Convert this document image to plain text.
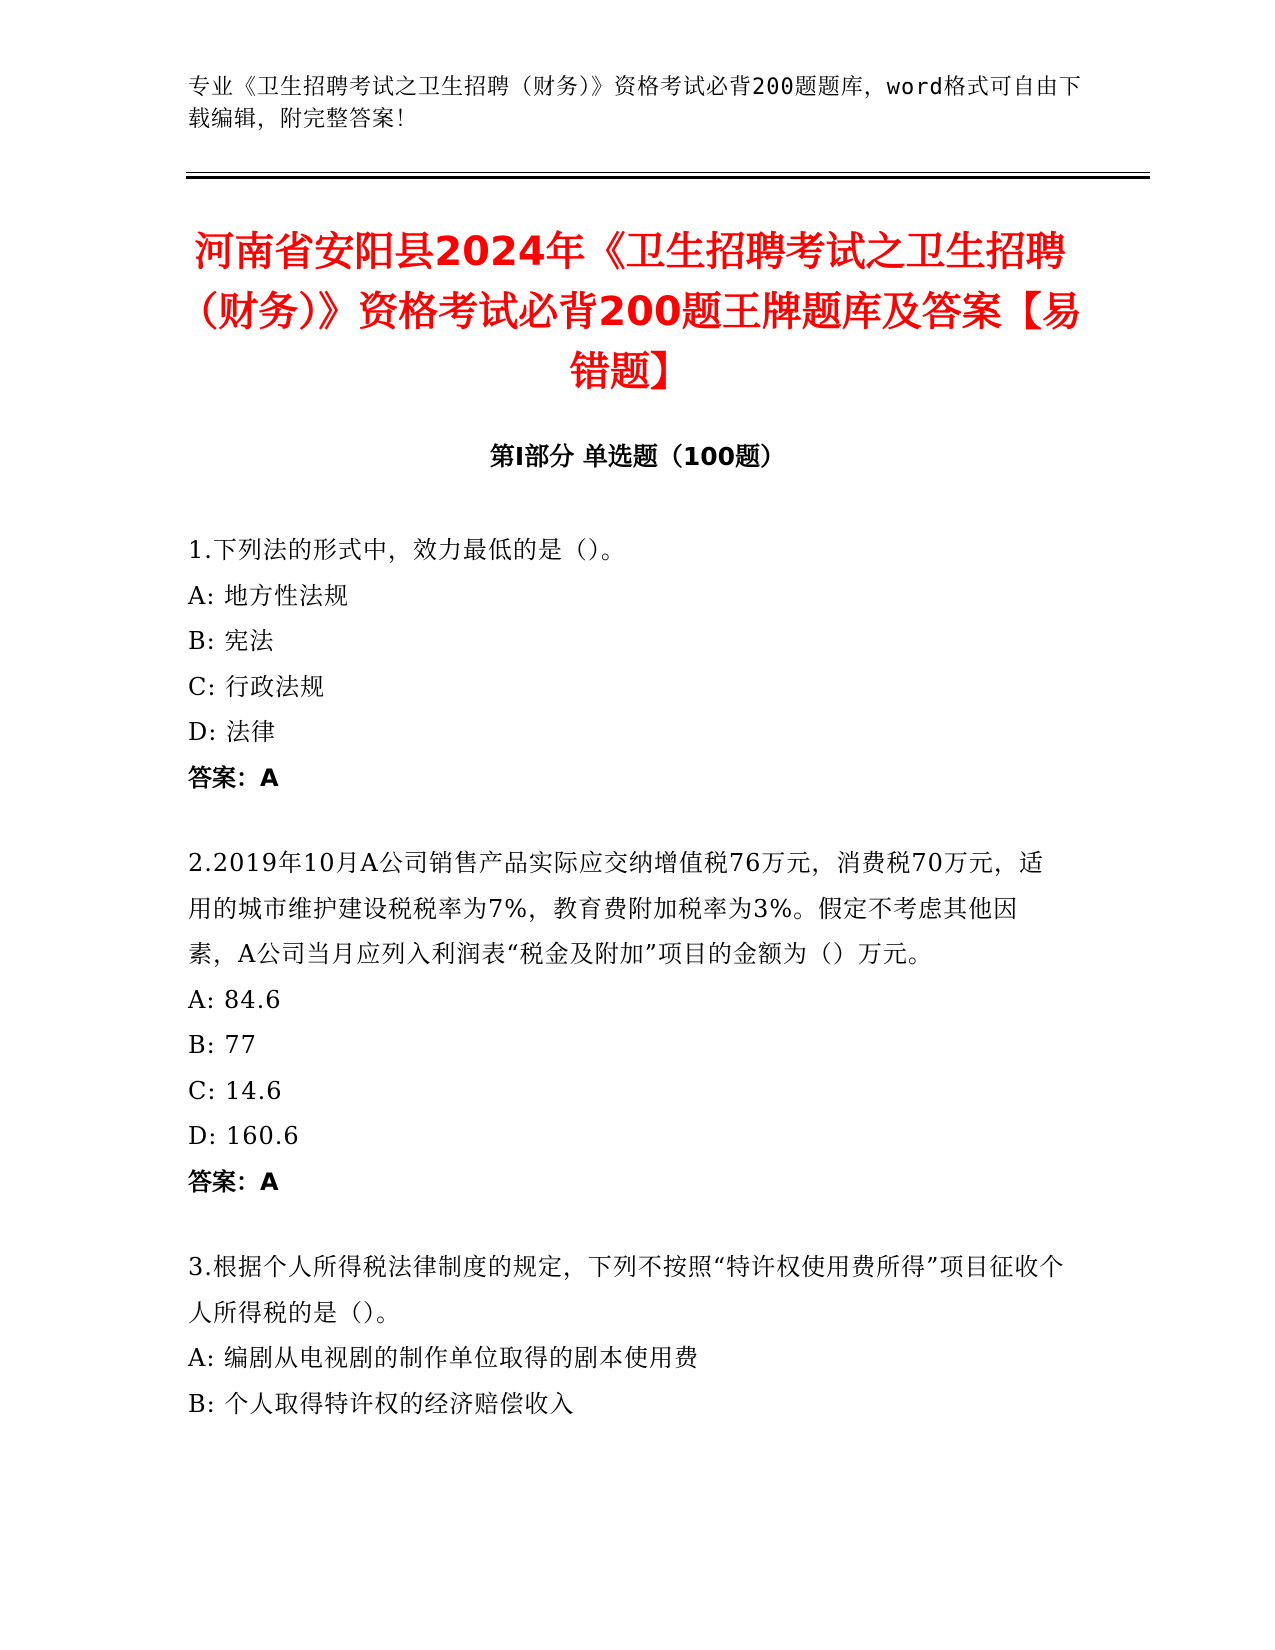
专业《卫生招聘考试之卫生招聘（财务）》资格考试必背200题题库，word格式可自由下载编辑，附完整答案！
河南省安阳县2024年《卫生招聘考试之卫生招聘（财务）》资格考试必背200题王牌题库及答案【易错题】
第I部分 单选题（100题）

1.下列法的形式中，效力最低的是（）。

A: 地方性法规

B: 宪法

C: 行政法规

D: 法律

答案：A

2.2019年10月A公司销售产品实际应交纳增值税76万元，消费税70万元，适用的城市维护建设税税率为7%，教育费附加税率为3%。假定不考虑其他因素，A公司当月应列入利润表“税金及附加”项目的金额为（）万元。

A: 84.6

B: 77

C: 14.6

D: 160.6

答案：A

3.根据个人所得税法律制度的规定，下列不按照“特许权使用费所得”项目征收个人所得税的是（）。

A: 编剧从电视剧的制作单位取得的剧本使用费

B: 个人取得特许权的经济赔偿收入
